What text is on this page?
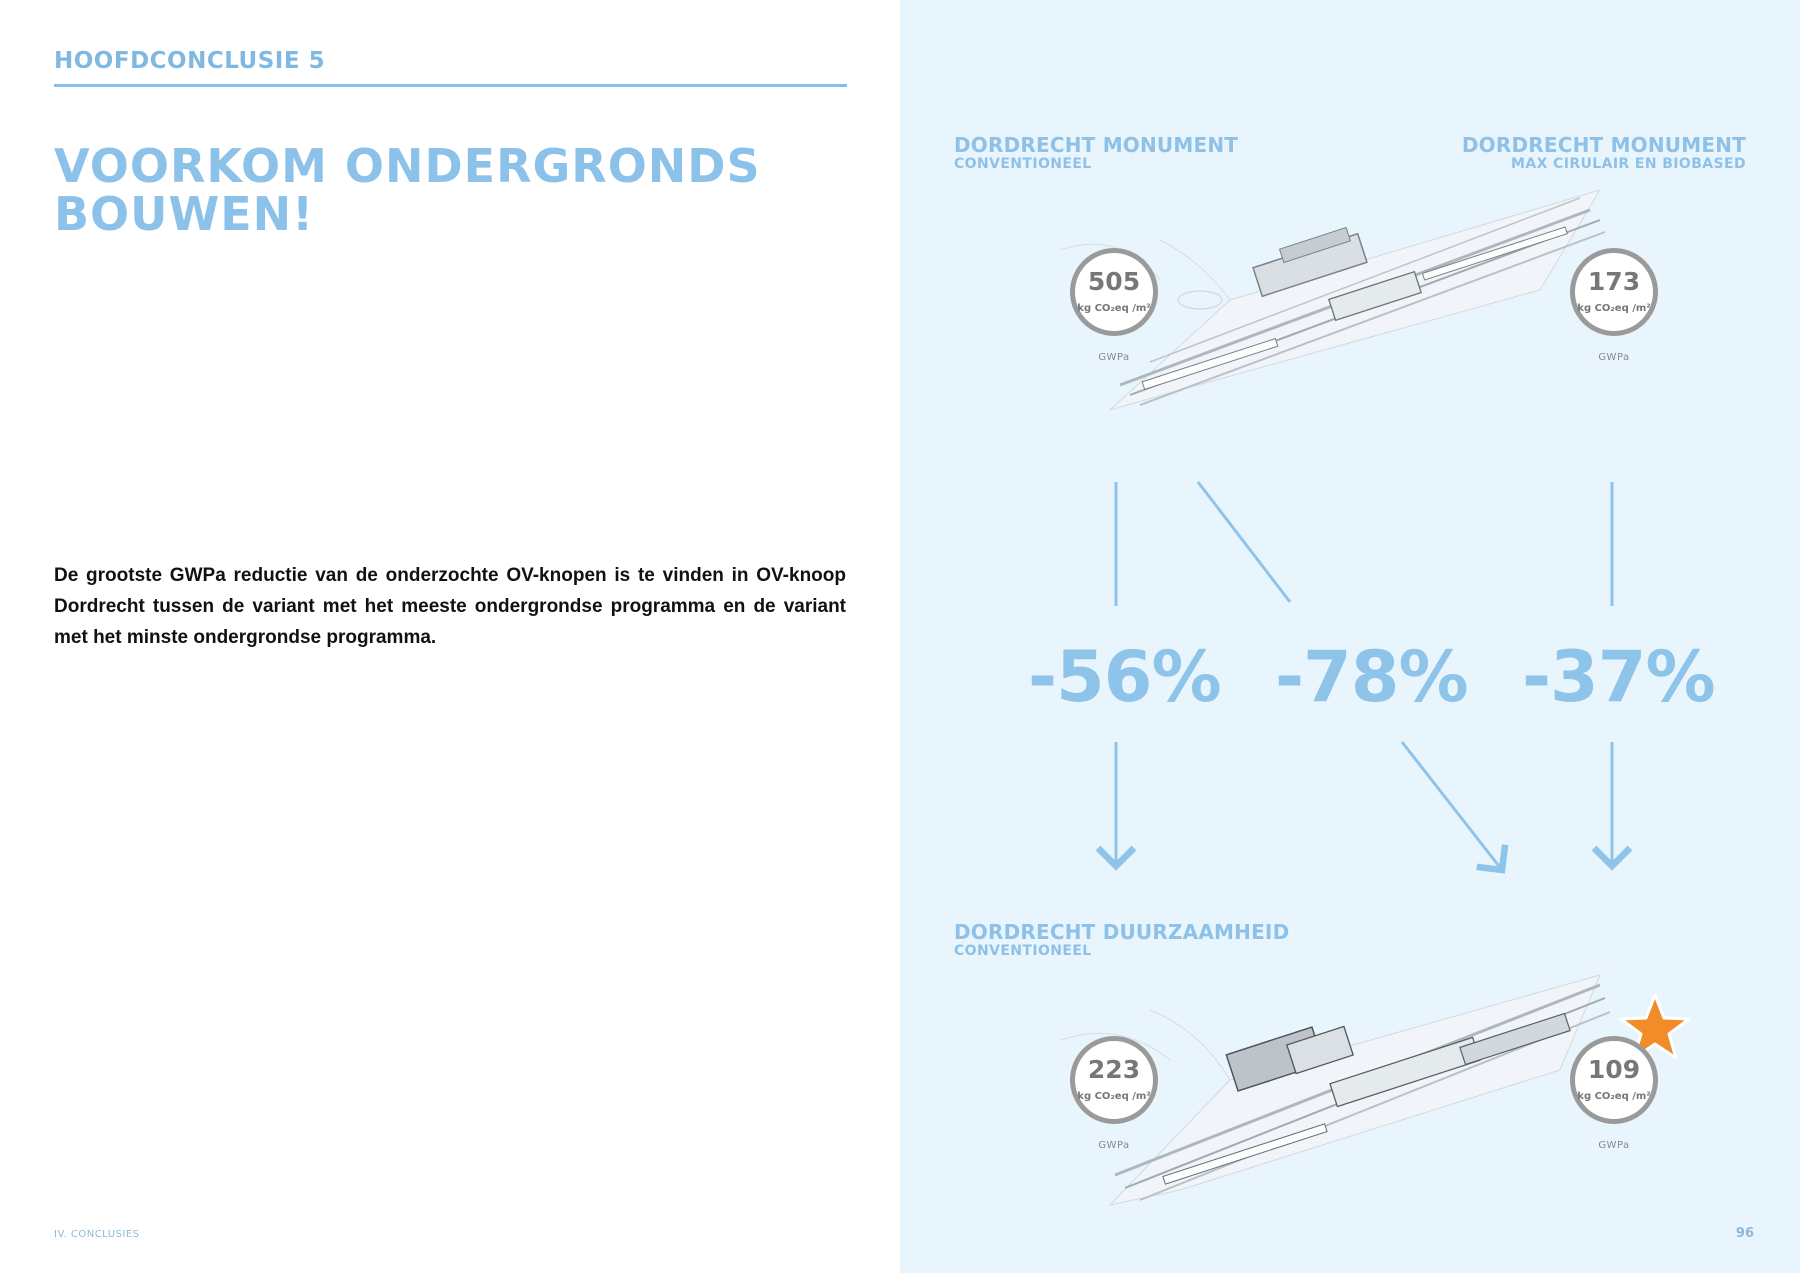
HOOFDCONCLUSIE 5
VOORKOM ONDERGRONDS BOUWEN!
De grootste GWPa reductie van de onderzochte OV-knopen is te vinden in OV-knoop Dordrecht tussen de variant met het meeste ondergrondse programma en de variant met het minste ondergrondse programma.
IV. CONCLUSIES
DORDRECHT MONUMENT
CONVENTIONEEL
DORDRECHT MONUMENT
MAX CIRULAIR EN BIOBASED
505
kg CO₂eq /m²
GWPa
173
kg CO₂eq /m²
GWPa
-56% -78% -37%
DORDRECHT DUURZAAMHEID
CONVENTIONEEL
223
kg CO₂eq /m²
GWPa
109
kg CO₂eq /m²
GWPa
96
